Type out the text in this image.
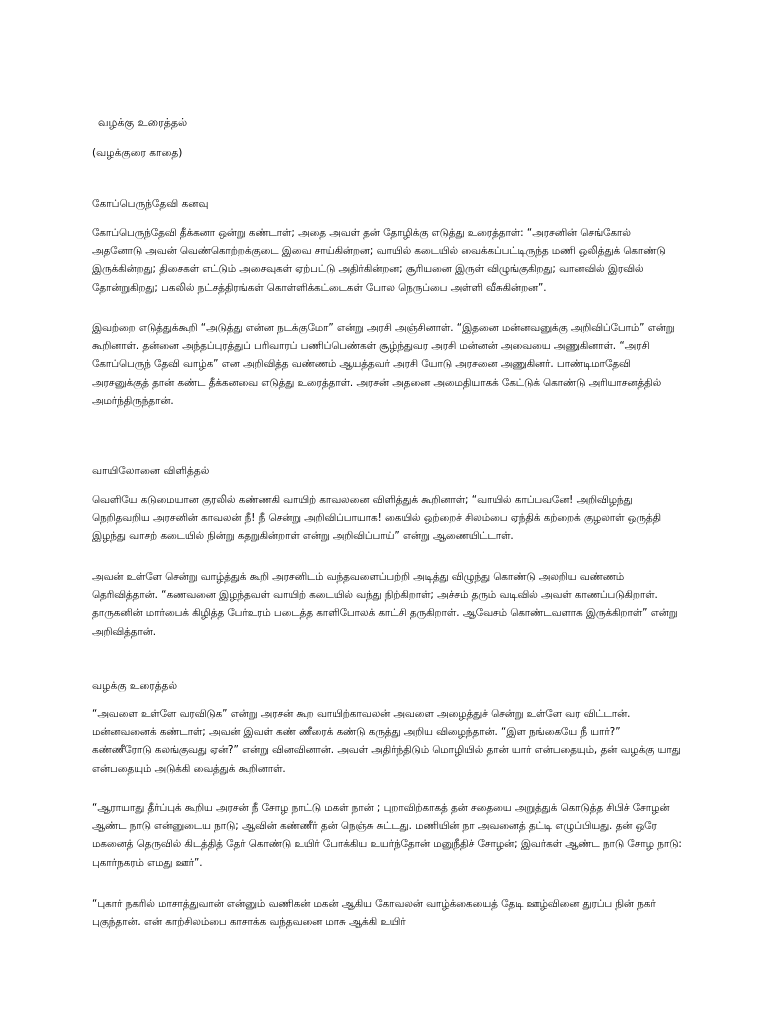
வழக்கு உரைத்தல்
(வழக்குரை காதை)
கோப்பெருந்தேவி கனவு

கோப்பெருந்தேவி தீக்கனா ஒன்று கண்டாள்; அதை அவள் தன் தோழிக்கு எடுத்து உரைத்தாள்: “அரசனின் செங்கோல் அதனோடு அவன் வெண்கொற்றக்குடை இவை சாய்கின்றன; வாயில் கடையில் வைக்கப்பட்டிருந்த மணி ஒலித்துக் கொண்டு இருக்கின்றது; திசைகள் எட்டும் அசைவுகள் ஏற்பட்டு அதிர்கின்றன; சூரியனை இருள் விழுங்குகிறது; வானவில் இரவில் தோன்றுகிறது; பகலில் நட்சத்திரங்கள் கொள்ளிக்கட்டைகள் போல நெருப்பை அள்ளி வீசுகின்றன”.

இவற்றை எடுத்துக்கூறி “அடுத்து என்ன நடக்குமோ” என்று அரசி அஞ்சினாள். “இதனை மன்னவனுக்கு அறிவிப்போம்” என்று கூறினாள். தன்னை அந்தப்புரத்துப் பரிவாரப் பணிப்பெண்கள் சூழ்ந்துவர அரசி மன்னன் அவையை அணுகினாள். “அரசி கோப்பெருந் தேவி வாழ்க” என அறிவித்த வண்ணம் ஆயத்தவர் அரசி யோடு அரசனை அணுகினர். பாண்டிமாதேவி அரசனுக்குத் தான் கண்ட தீக்கனவை எடுத்து உரைத்தாள். அரசன் அதனை அமைதியாகக் கேட்டுக் கொண்டு அரியாசனத்தில் அமர்ந்திருந்தான்.

வாயிலோனை விளித்தல்

வெளியே கடுமையான குரலில் கண்ணகி வாயிற் காவலனை விளித்துக் கூறினாள்; “வாயில் காப்பவனே! அறிவிழந்து நெறிதவறிய அரசனின் காவலன் நீ! நீ சென்று அறிவிப்பாயாக! கையில் ஒற்றைச் சிலம்பை ஏந்திக் கற்றைக் குழலாள் ஒருத்தி இழந்து வாசற் கடையில் நின்று கதறுகின்றாள் என்று அறிவிப்பாய்” என்று ஆணையிட்டாள்.

அவன் உள்ளே சென்று வாழ்த்துக் கூறி அரசனிடம் வந்தவளைப்பற்றி அடித்து விழுந்து கொண்டு அலறிய வண்ணம் தெரிவித்தான். “கணவனை இழந்தவள் வாயிற் கடையில் வந்து நிற்கிறாள்; அச்சம் தரும் வடிவில் அவள் காணப்படுகிறாள். தாருகனின் மார்பைக் கிழித்த பேர்உரம் படைத்த காளிபோலக் காட்சி தருகிறாள். ஆவேசம் கொண்டவளாக இருக்கிறாள்” என்று அறிவித்தான்.

வழக்கு உரைத்தல்

“அவளை உள்ளே வரவிடுக” என்று அரசன் கூற வாயிற்காவலன் அவளை அழைத்துச் சென்று உள்ளே வர விட்டான். மன்னவனைக் கண்டாள்; அவன் இவள் கண் ணீரைக் கண்டு கருத்து அறிய விழைந்தான். “இள நங்கையே நீ யார்?” கண்ணீரோடு கலங்குவது ஏன்?” என்று வினவினான். அவள் அதிர்ந்திடும் மொழியில் தான் யார் என்பதையும், தன் வழக்கு யாது என்பதையும் அடுக்கி வைத்துக் கூறினாள்.

“ஆராயாது தீர்ப்புக் கூறிய அரசன் நீ சோழ நாட்டு மகள் நான் ; புறாவிற்காகத் தன் சதையை அறுத்துக் கொடுத்த சிபிச் சோழன் ஆண்ட நாடு என்னுடைய நாடு; ஆவின் கண்ணீர் தன் நெஞ்சு சுட்டது. மணியின் நா அவனைத் தட்டி எழுப்பியது. தன் ஒரே மகனைத் தெருவில் கிடத்தித் தேர் கொண்டு உயிர் போக்கிய உயர்ந்தோன் மனுநீதிச் சோழன்; இவர்கள் ஆண்ட நாடு சோழ நாடு: புகார்நகரம் எமது ஊர்”.

“புகார் நகரில் மாசாத்துவான் என்னும் வணிகன் மகன் ஆகிய கோவலன் வாழ்க்கையைத் தேடி ஊழ்வினை துரப்ப நின் நகர் புகுந்தான். என் காற்சிலம்பை காசாக்க வந்தவனை மாசு ஆக்கி உயிர்
